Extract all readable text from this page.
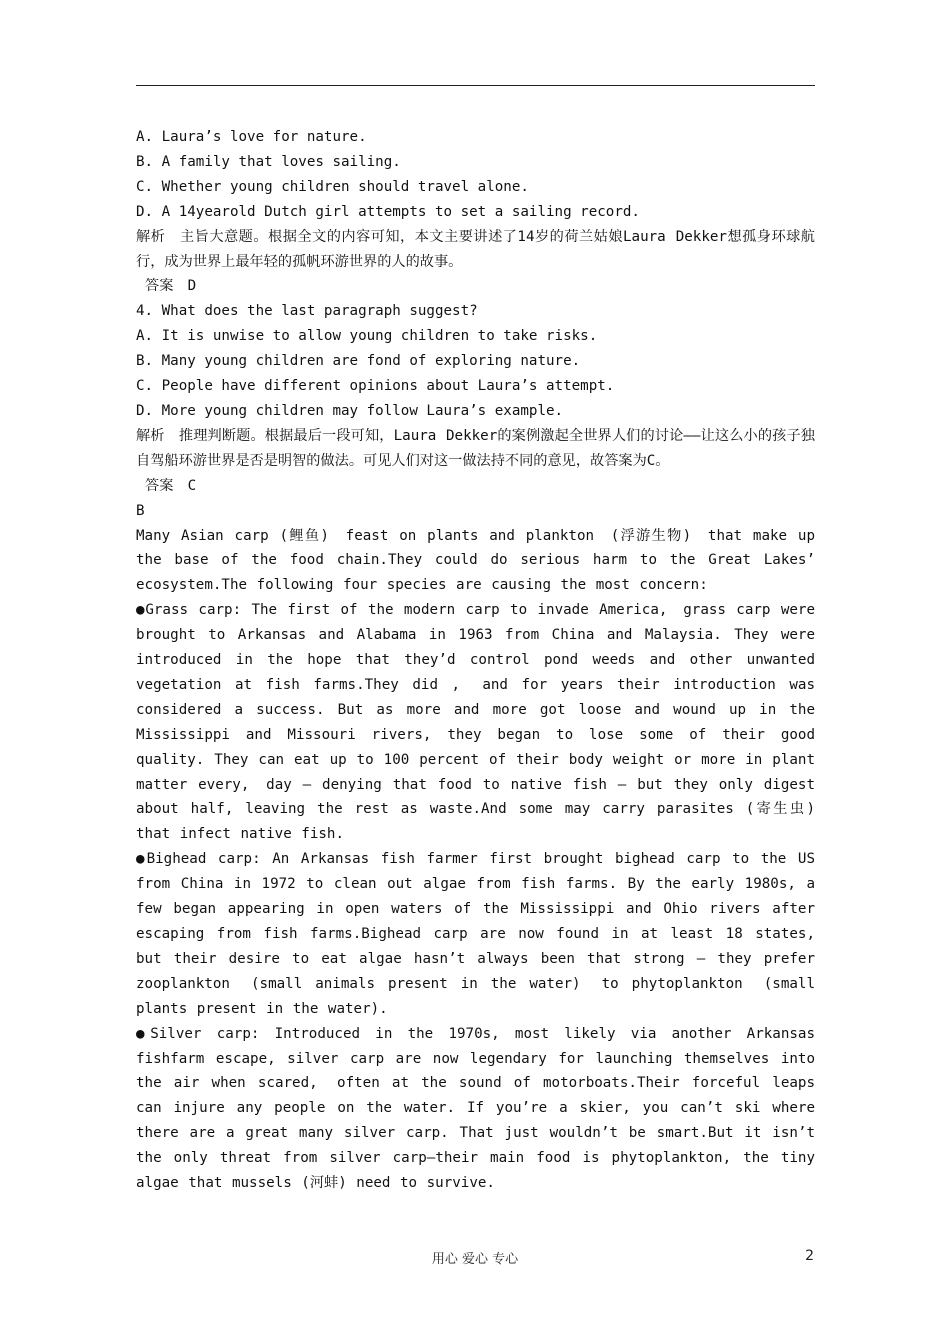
A. Laura’s love for nature.
B. A family that loves sailing.
C. Whether young children should travel alone.
D. A 14yearold Dutch girl attempts to set a sailing record.
解析　主旨大意题。根据全文的内容可知，本文主要讲述了14岁的荷兰姑娘Laura Dekker想孤身环球航行，成为世界上最年轻的孤帆环游世界的人的故事。
答案　D
4. What does the last paragraph suggest?
A. It is unwise to allow young children to take risks.
B. Many young children are fond of exploring nature.
C. People have different opinions about Laura’s attempt.
D. More young children may follow Laura’s example.
解析　推理判断题。根据最后一段可知，Laura Dekker的案例激起全世界人们的讨论——让这么小的孩子独自驾船环游世界是否是明智的做法。可见人们对这一做法持不同的意见，故答案为C。
答案　C
B
Many Asian carp (鲤鱼)　feast on plants and plankton　(浮游生物)　that make up the base of the food chain.They could do serious harm to the Great Lakes’ ecosystem.The following four species are causing the most concern:
●Grass carp: The first of the modern carp to invade America,　grass carp were brought to Arkansas and Alabama in 1963 from China and Malaysia. They were introduced in the hope that they’d control pond weeds and other unwanted vegetation at fish farms.They did ,　and for years their introduction was considered a success. But as more and more got loose and wound up in the Mississippi and Missouri rivers, they began to lose some of their good quality. They can eat up to 100 percent of their body weight or more in plant matter every,　day — denying that food to native fish — but they only digest about half, leaving the rest as waste.And some may carry parasites (寄生虫) that infect native fish.
●Bighead carp: An Arkansas fish farmer first brought bighead carp to the US from China in 1972 to clean out algae from fish farms. By the early 1980s, a few began appearing in open waters of the Mississippi and Ohio rivers after escaping from fish farms.Bighead carp are now found in at least 18 states, but their desire to eat algae hasn’t always been that strong — they prefer zooplankton　(small animals present in the water)　to phytoplankton　(small plants present in the water).
●Silver carp: Introduced in the 1970s, most likely via another Arkansas fishfarm escape, silver carp are now legendary for launching themselves into the air when scared,　often at the sound of motorboats.Their forceful leaps can injure any people on the water. If you’re a skier, you can’t ski where there are a great many silver carp. That just wouldn’t be smart.But it isn’t the only threat from silver carp—their main food is phytoplankton, the tiny algae that mussels (河蚌) need to survive.
用心 爱心 专心	2
